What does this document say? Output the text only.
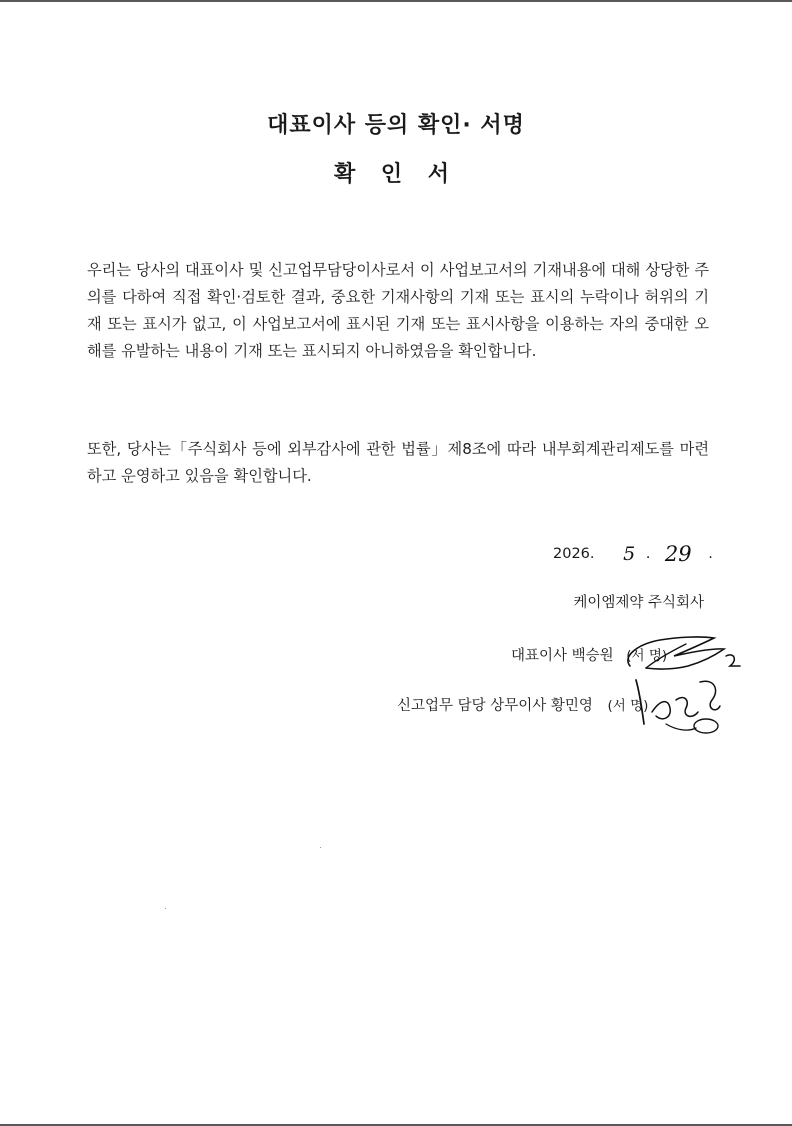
대표이사 등의 확인· 서명
확 인 서

우리는 당사의 대표이사 및 신고업무담당이사로서 이 사업보고서의 기재내용에 대해 상당한 주의를 다하여 직접 확인·검토한 결과, 중요한 기재사항의 기재 또는 표시의 누락이나 허위의 기재 또는 표시가 없고, 이 사업보고서에 표시된 기재 또는 표시사항을 이용하는 자의 중대한 오해를 유발하는 내용이 기재 또는 표시되지 아니하였음을 확인합니다.

또한, 당사는「주식회사 등에 외부감사에 관한 법률」제8조에 따라 내부회계관리제도를 마련하고 운영하고 있음을 확인합니다.

2026. 5 . 29 .
케이엠제약 주식회사
대표이사 백승원 (서 명)
신고업무 담당 상무이사 황민영 (서 명)
